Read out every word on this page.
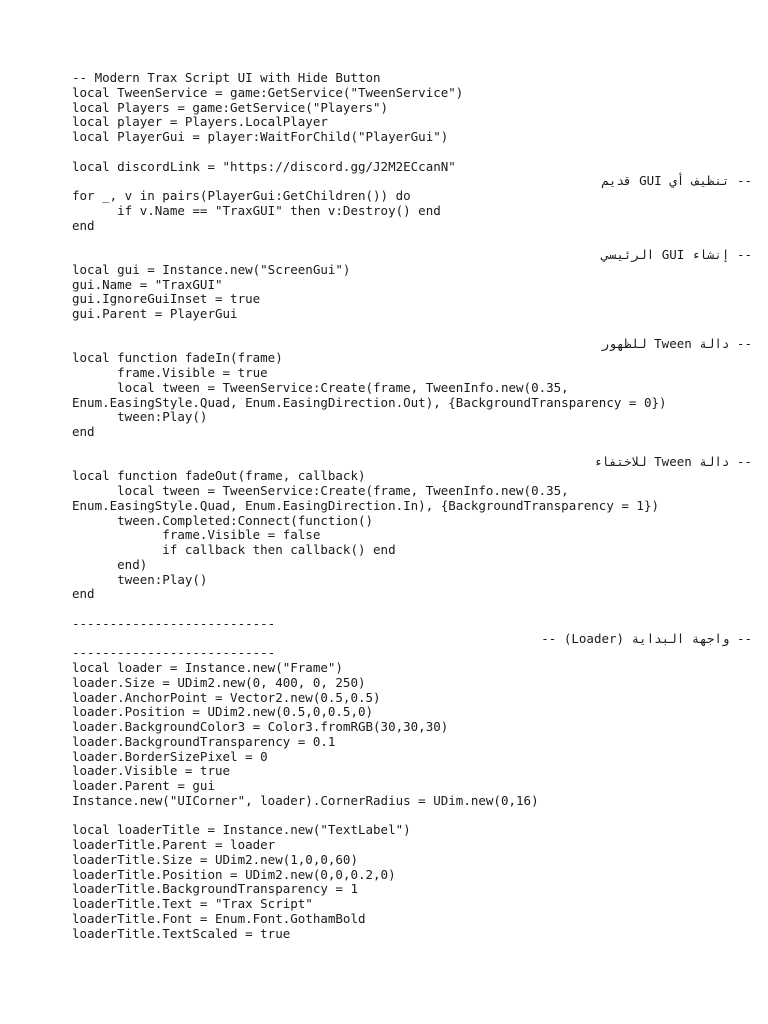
-- Modern Trax Script UI with Hide Button
local TweenService = game:GetService("TweenService")
local Players = game:GetService("Players")
local player = Players.LocalPlayer
local PlayerGui = player:WaitForChild("PlayerGui")
local discordLink = "https://discord.gg/J2M2ECcanN"
-- تنظيف أي GUI قديم
for _, v in pairs(PlayerGui:GetChildren()) do
if v.Name == "TraxGUI" then v:Destroy() end
end
-- إنشاء GUI الرئيسي
local gui = Instance.new("ScreenGui")
gui.Name = "TraxGUI"
gui.IgnoreGuiInset = true
gui.Parent = PlayerGui
-- دالة Tween للظهور
local function fadeIn(frame)
frame.Visible = true
local tween = TweenService:Create(frame, TweenInfo.new(0.35,
Enum.EasingStyle.Quad, Enum.EasingDirection.Out), {BackgroundTransparency = 0})
tween:Play()
end
-- دالة Tween للاختفاء
local function fadeOut(frame, callback)
local tween = TweenService:Create(frame, TweenInfo.new(0.35,
Enum.EasingStyle.Quad, Enum.EasingDirection.In), {BackgroundTransparency = 1})
tween.Completed:Connect(function()
frame.Visible = false
if callback then callback() end
end)
tween:Play()
end
---------------------------
-- واجهة البداية (Loader) --
---------------------------
local loader = Instance.new("Frame")
loader.Size = UDim2.new(0, 400, 0, 250)
loader.AnchorPoint = Vector2.new(0.5,0.5)
loader.Position = UDim2.new(0.5,0,0.5,0)
loader.BackgroundColor3 = Color3.fromRGB(30,30,30)
loader.BackgroundTransparency = 0.1
loader.BorderSizePixel = 0
loader.Visible = true
loader.Parent = gui
Instance.new("UICorner", loader).CornerRadius = UDim.new(0,16)
local loaderTitle = Instance.new("TextLabel")
loaderTitle.Parent = loader
loaderTitle.Size = UDim2.new(1,0,0,60)
loaderTitle.Position = UDim2.new(0,0,0.2,0)
loaderTitle.BackgroundTransparency = 1
loaderTitle.Text = "Trax Script"
loaderTitle.Font = Enum.Font.GothamBold
loaderTitle.TextScaled = true
